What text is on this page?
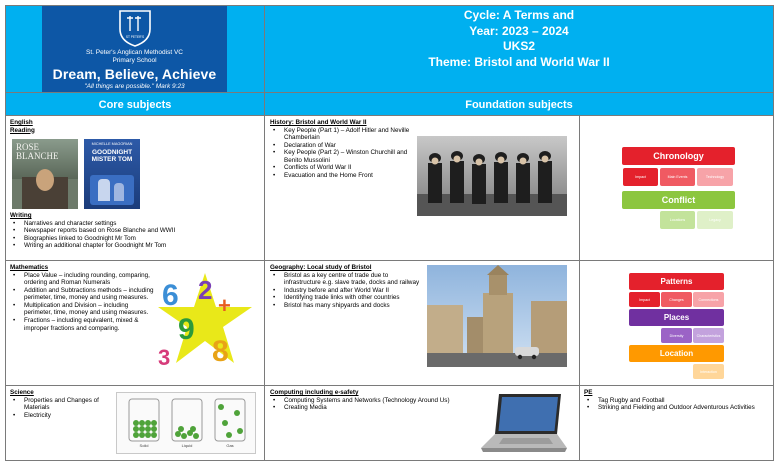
ST PETER'S
St. Peter's Anglican Methodist VC
Primary School
Dream, Believe, Achieve
"All things are possible." Mark 9:23
Cycle: A Terms and
Year: 2023 – 2024
UKS2
Theme: Bristol and World War II
Core subjects	Foundation subjects
English
Reading
ROSE BLANCHE
MICHELLE MAGORIAN
GOODNIGHT MISTER TOM
Writing
• Narratives and character settings
• Newspaper reports based on Rose Blanche and WWII
• Biographies linked to Goodnight Mr Tom
• Writing an additional chapter for Goodnight Mr Tom
History: Bristol and World War II
• Key People (Part 1) – Adolf Hitler and Neville Chamberlain
• Declaration of War
• Key People (Part 2) – Winston Churchill and Benito Mussolini
• Conflicts of World War II
• Evacuation and the Home Front
Chronology
Impact	Main Events	Technology
Conflict
Locations	Legacy
Mathematics
• Place Value – including rounding, comparing, ordering and Roman Numerals
• Addition and Subtractions methods – including perimeter, time, money and using measures.
• Multiplication and Division – including perimeter, time, money and using measures.
• Fractions – including equivalent, mixed & improper fractions and comparing.
6 2
+
9
8
3
Geography: Local study of Bristol
• Bristol as a key centre of trade due to infrastructure e.g. slave trade, docks and railway
• Industry before and after World War II
• Identifying trade links with other countries
• Bristol has many shipyards and docks
Patterns
Impact	Changes	Connections
Places
Diversity	Characteristics
Location
Interaction
Science
• Properties and Changes of Materials
• Electricity
Solid	Liquid	Gas
Computing including e-safety
• Computing Systems and Networks (Technology Around Us)
• Creating Media
PE
• Tag Rugby and Football
• Striking and Fielding and Outdoor Adventurous Activities
